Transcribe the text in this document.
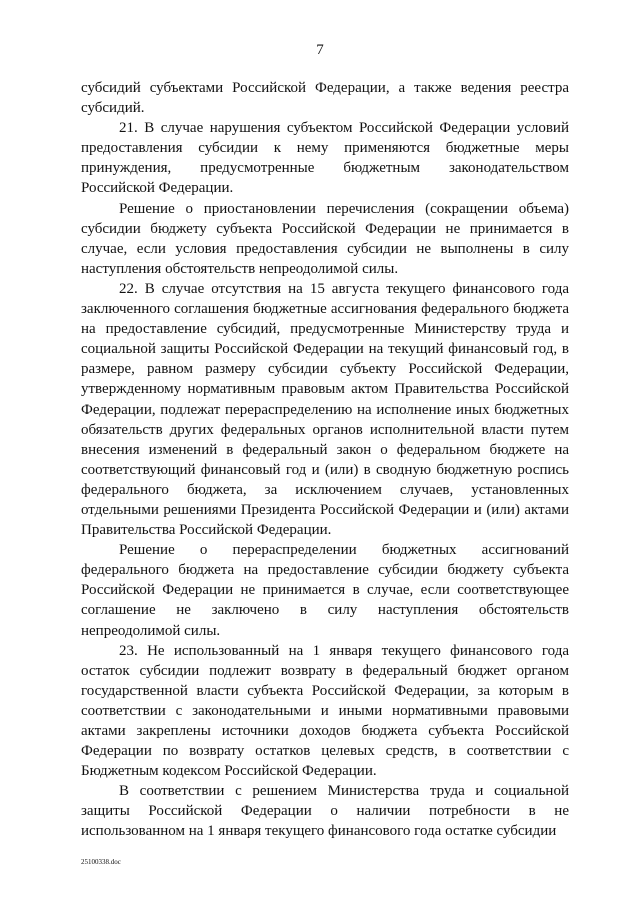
7

субсидий субъектами Российской Федерации, а также ведения реестра субсидий.

21. В случае нарушения субъектом Российской Федерации условий предоставления субсидии к нему применяются бюджетные меры принуждения, предусмотренные бюджетным законодательством Российской Федерации.

Решение о приостановлении перечисления (сокращении объема) субсидии бюджету субъекта Российской Федерации не принимается в случае, если условия предоставления субсидии не выполнены в силу наступления обстоятельств непреодолимой силы.

22. В случае отсутствия на 15 августа текущего финансового года заключенного соглашения бюджетные ассигнования федерального бюджета на предоставление субсидий, предусмотренные Министерству труда и социальной защиты Российской Федерации на текущий финансовый год, в размере, равном размеру субсидии субъекту Российской Федерации, утвержденному нормативным правовым актом Правительства Российской Федерации, подлежат перераспределению на исполнение иных бюджетных обязательств других федеральных органов исполнительной власти путем внесения изменений в федеральный закон о федеральном бюджете на соответствующий финансовый год и (или) в сводную бюджетную роспись федерального бюджета, за исключением случаев, установленных отдельными решениями Президента Российской Федерации и (или) актами Правительства Российской Федерации.

Решение о перераспределении бюджетных ассигнований федерального бюджета на предоставление субсидии бюджету субъекта Российской Федерации не принимается в случае, если соответствующее соглашение не заключено в силу наступления обстоятельств непреодолимой силы.

23. Не использованный на 1 января текущего финансового года остаток субсидии подлежит возврату в федеральный бюджет органом государственной власти субъекта Российской Федерации, за которым в соответствии с законодательными и иными нормативными правовыми актами закреплены источники доходов бюджета субъекта Российской Федерации по возврату остатков целевых средств, в соответствии с Бюджетным кодексом Российской Федерации.

В соответствии с решением Министерства труда и социальной защиты Российской Федерации о наличии потребности в не использованном на 1 января текущего финансового года остатке субсидии

25100338.doc
